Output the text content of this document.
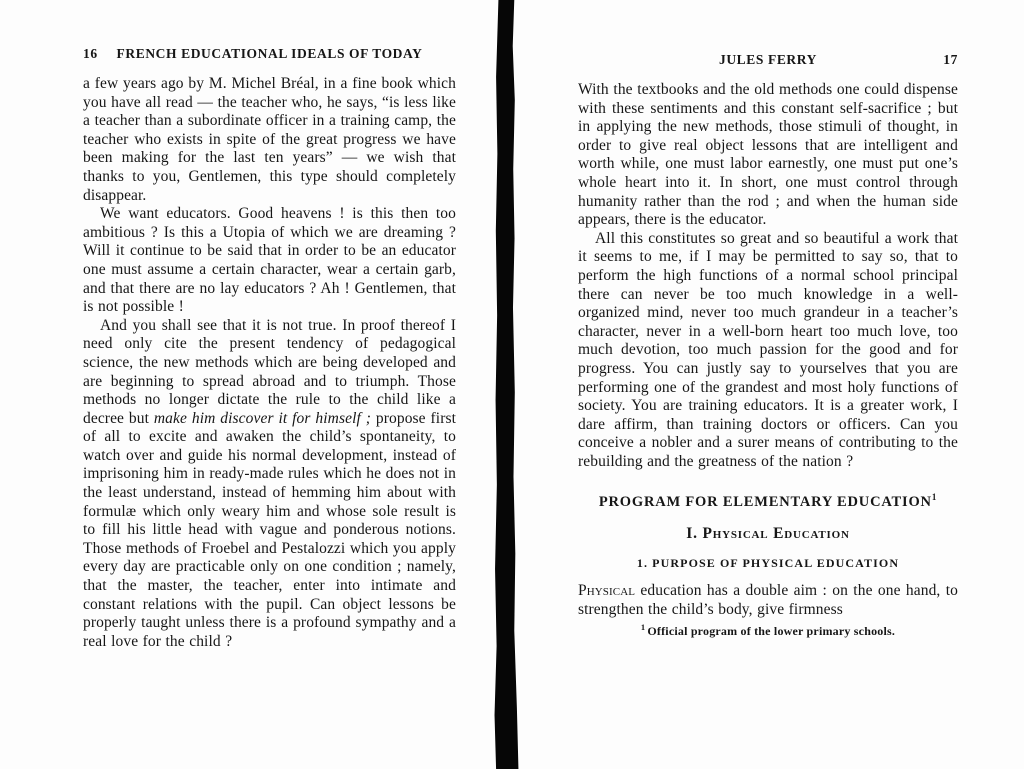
16	FRENCH EDUCATIONAL IDEALS OF TODAY

a few years ago by M. Michel Bréal, in a fine book which you have all read — the teacher who, he says, “is less like a teacher than a subordinate officer in a training camp, the teacher who exists in spite of the great progress we have been making for the last ten years” — we wish that thanks to you, Gentlemen, this type should completely disappear.

We want educators. Good heavens ! is this then too ambitious ? Is this a Utopia of which we are dreaming ? Will it continue to be said that in order to be an educator one must assume a certain character, wear a certain garb, and that there are no lay educators ? Ah ! Gentlemen, that is not possible !

And you shall see that it is not true. In proof thereof I need only cite the present tendency of pedagogical science, the new methods which are being developed and are beginning to spread abroad and to triumph. Those methods no longer dictate the rule to the child like a decree but make him discover it for himself ; propose first of all to excite and awaken the child’s spontaneity, to watch over and guide his normal development, instead of imprisoning him in ready-made rules which he does not in the least understand, instead of hemming him about with formulæ which only weary him and whose sole result is to fill his little head with vague and ponderous notions. Those methods of Froebel and Pestalozzi which you apply every day are practicable only on one condition ; namely, that the master, the teacher, enter into intimate and constant relations with the pupil. Can object lessons be properly taught unless there is a profound sympathy and a real love for the child ?

JULES FERRY	17

With the textbooks and the old methods one could dispense with these sentiments and this constant self-sacrifice ; but in applying the new methods, those stimuli of thought, in order to give real object lessons that are intelligent and worth while, one must labor earnestly, one must put one’s whole heart into it. In short, one must control through humanity rather than the rod ; and when the human side appears, there is the educator.

All this constitutes so great and so beautiful a work that it seems to me, if I may be permitted to say so, that to perform the high functions of a normal school principal there can never be too much knowledge in a well-organized mind, never too much grandeur in a teacher’s character, never in a well-born heart too much love, too much devotion, too much passion for the good and for progress. You can justly say to yourselves that you are performing one of the grandest and most holy functions of society. You are training educators. It is a greater work, I dare affirm, than training doctors or officers. Can you conceive a nobler and a surer means of contributing to the rebuilding and the greatness of the nation ?

PROGRAM FOR ELEMENTARY EDUCATION$^1$
I. Physical Education
1. PURPOSE OF PHYSICAL EDUCATION

Physical education has a double aim : on the one hand, to strengthen the child’s body, give firmness

$^1$ Official program of the lower primary schools.
